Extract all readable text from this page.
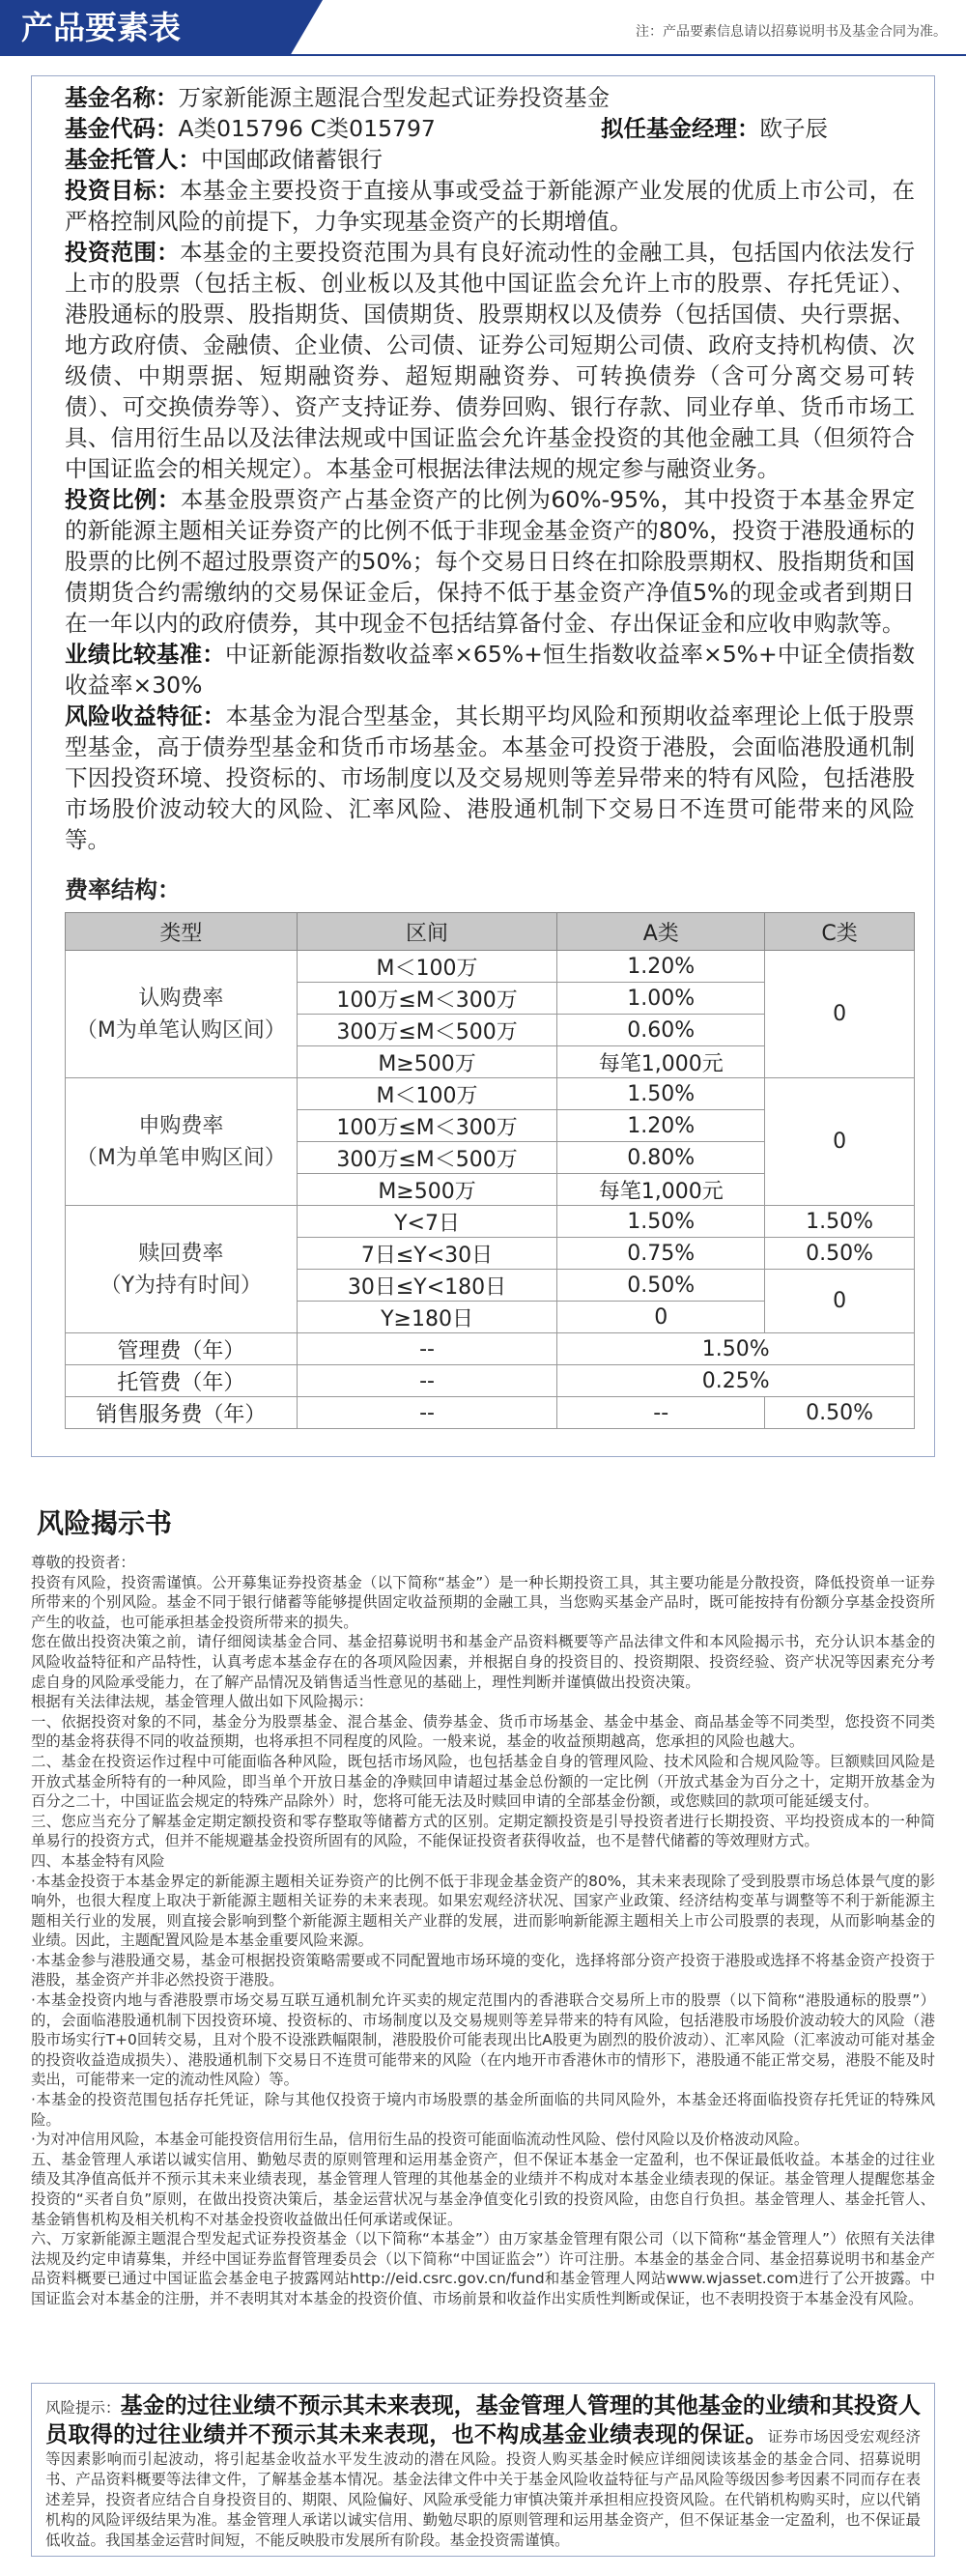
产品要素表	注：产品要素信息请以招募说明书及基金合同为准。
基金名称：万家新能源主题混合型发起式证券投资基金
基金代码：A类015796 C类015797	拟任基金经理：欧子辰
基金托管人：中国邮政储蓄银行
投资目标：本基金主要投资于直接从事或受益于新能源产业发展的优质上市公司，在严格控制风险的前提下，力争实现基金资产的长期增值。
投资范围：本基金的主要投资范围为具有良好流动性的金融工具，包括国内依法发行上市的股票（包括主板、创业板以及其他中国证监会允许上市的股票、存托凭证）、港股通标的股票、股指期货、国债期货、股票期权以及债券（包括国债、央行票据、地方政府债、金融债、企业债、公司债、证券公司短期公司债、政府支持机构债、次级债、中期票据、短期融资券、超短期融资券、可转换债券（含可分离交易可转债）、可交换债券等）、资产支持证券、债券回购、银行存款、同业存单、货币市场工具、信用衍生品以及法律法规或中国证监会允许基金投资的其他金融工具（但须符合中国证监会的相关规定）。本基金可根据法律法规的规定参与融资业务。
投资比例：本基金股票资产占基金资产的比例为60%-95%，其中投资于本基金界定的新能源主题相关证券资产的比例不低于非现金基金资产的80%，投资于港股通标的股票的比例不超过股票资产的50%；每个交易日日终在扣除股票期权、股指期货和国债期货合约需缴纳的交易保证金后，保持不低于基金资产净值5%的现金或者到期日在一年以内的政府债券，其中现金不包括结算备付金、存出保证金和应收申购款等。
业绩比较基准：中证新能源指数收益率×65%+恒生指数收益率×5%+中证全债指数收益率×30%
风险收益特征：本基金为混合型基金，其长期平均风险和预期收益率理论上低于股票型基金，高于债券型基金和货币市场基金。本基金可投资于港股，会面临港股通机制下因投资环境、投资标的、市场制度以及交易规则等差异带来的特有风险，包括港股市场股价波动较大的风险、汇率风险、港股通机制下交易日不连贯可能带来的风险等。
费率结构：
类型	区间	A类	C类

认购费率
（M为单笔认购区间）	M＜100万	1.20%	0
	100万≤M＜300万	1.00%	
	300万≤M＜500万	0.60%	
	M≥500万	每笔1,000元	

申购费率
（M为单笔申购区间）	M＜100万	1.50%	0
	100万≤M＜300万	1.20%	
	300万≤M＜500万	0.80%	
	M≥500万	每笔1,000元	

赎回费率
（Y为持有时间）	Y<7日	1.50%	1.50%
	7日≤Y<30日	0.75%	0.50%
	30日≤Y<180日	0.50%	0
	Y≥180日	0	
管理费（年）	--	1.50%	
托管费（年）	--	0.25%	
销售服务费（年）	--	--	0.50%
风险揭示书

尊敬的投资者：

投资有风险，投资需谨慎。公开募集证券投资基金（以下简称“基金”）是一种长期投资工具，其主要功能是分散投资，降低投资单一证券所带来的个别风险。基金不同于银行储蓄等能够提供固定收益预期的金融工具，当您购买基金产品时，既可能按持有份额分享基金投资所产生的收益，也可能承担基金投资所带来的损失。

您在做出投资决策之前，请仔细阅读基金合同、基金招募说明书和基金产品资料概要等产品法律文件和本风险揭示书，充分认识本基金的风险收益特征和产品特性，认真考虑本基金存在的各项风险因素，并根据自身的投资目的、投资期限、投资经验、资产状况等因素充分考虑自身的风险承受能力，在了解产品情况及销售适当性意见的基础上，理性判断并谨慎做出投资决策。

根据有关法律法规，基金管理人做出如下风险揭示：

一、依据投资对象的不同，基金分为股票基金、混合基金、债券基金、货币市场基金、基金中基金、商品基金等不同类型，您投资不同类型的基金将获得不同的收益预期，也将承担不同程度的风险。一般来说，基金的收益预期越高，您承担的风险也越大。

二、基金在投资运作过程中可能面临各种风险，既包括市场风险，也包括基金自身的管理风险、技术风险和合规风险等。巨额赎回风险是开放式基金所特有的一种风险，即当单个开放日基金的净赎回申请超过基金总份额的一定比例（开放式基金为百分之十，定期开放基金为百分之二十，中国证监会规定的特殊产品除外）时，您将可能无法及时赎回申请的全部基金份额，或您赎回的款项可能延缓支付。

三、您应当充分了解基金定期定额投资和零存整取等储蓄方式的区别。定期定额投资是引导投资者进行长期投资、平均投资成本的一种简单易行的投资方式，但并不能规避基金投资所固有的风险，不能保证投资者获得收益，也不是替代储蓄的等效理财方式。

四、本基金特有风险

·本基金投资于本基金界定的新能源主题相关证券资产的比例不低于非现金基金资产的80%，其未来表现除了受到股票市场总体景气度的影响外，也很大程度上取决于新能源主题相关证券的未来表现。如果宏观经济状况、国家产业政策、经济结构变革与调整等不利于新能源主题相关行业的发展，则直接会影响到整个新能源主题相关产业群的发展，进而影响新能源主题相关上市公司股票的表现，从而影响基金的业绩。因此，主题配置风险是本基金重要风险来源。

·本基金参与港股通交易，基金可根据投资策略需要或不同配置地市场环境的变化，选择将部分资产投资于港股或选择不将基金资产投资于港股，基金资产并非必然投资于港股。

·本基金投资内地与香港股票市场交易互联互通机制允许买卖的规定范围内的香港联合交易所上市的股票（以下简称“港股通标的股票”）的，会面临港股通机制下因投资环境、投资标的、市场制度以及交易规则等差异带来的特有风险，包括港股市场股价波动较大的风险（港股市场实行T+0回转交易，且对个股不设涨跌幅限制，港股股价可能表现出比A股更为剧烈的股价波动）、汇率风险（汇率波动可能对基金的投资收益造成损失）、港股通机制下交易日不连贯可能带来的风险（在内地开市香港休市的情形下，港股通不能正常交易，港股不能及时卖出，可能带来一定的流动性风险）等。

·本基金的投资范围包括存托凭证，除与其他仅投资于境内市场股票的基金所面临的共同风险外，本基金还将面临投资存托凭证的特殊风险。

·为对冲信用风险，本基金可能投资信用衍生品，信用衍生品的投资可能面临流动性风险、偿付风险以及价格波动风险。

五、基金管理人承诺以诚实信用、勤勉尽责的原则管理和运用基金资产，但不保证本基金一定盈利，也不保证最低收益。本基金的过往业绩及其净值高低并不预示其未来业绩表现，基金管理人管理的其他基金的业绩并不构成对本基金业绩表现的保证。基金管理人提醒您基金投资的“买者自负”原则，在做出投资决策后，基金运营状况与基金净值变化引致的投资风险，由您自行负担。基金管理人、基金托管人、基金销售机构及相关机构不对基金投资收益做出任何承诺或保证。

六、万家新能源主题混合型发起式证券投资基金（以下简称“本基金”）由万家基金管理有限公司（以下简称“基金管理人”）依照有关法律法规及约定申请募集，并经中国证券监督管理委员会（以下简称“中国证监会”）许可注册。本基金的基金合同、基金招募说明书和基金产品资料概要已通过中国证监会基金电子披露网站http://eid.csrc.gov.cn/fund和基金管理人网站www.wjasset.com进行了公开披露。中国证监会对本基金的注册，并不表明其对本基金的投资价值、市场前景和收益作出实质性判断或保证，也不表明投资于本基金没有风险。

风险提示：基金的过往业绩不预示其未来表现，基金管理人管理的其他基金的业绩和其投资人员取得的过往业绩并不预示其未来表现，也不构成基金业绩表现的保证。证券市场因受宏观经济等因素影响而引起波动，将引起基金收益水平发生波动的潜在风险。投资人购买基金时候应详细阅读该基金的基金合同、招募说明书、产品资料概要等法律文件，了解基金基本情况。基金法律文件中关于基金风险收益特征与产品风险等级因参考因素不同而存在表述差异，投资者应结合自身投资目的、期限、风险偏好、风险承受能力审慎决策并承担相应投资风险。在代销机构购买时，应以代销机构的风险评级结果为准。基金管理人承诺以诚实信用、勤勉尽职的原则管理和运用基金资产，但不保证基金一定盈利，也不保证最低收益。我国基金运营时间短，不能反映股市发展所有阶段。基金投资需谨慎。
